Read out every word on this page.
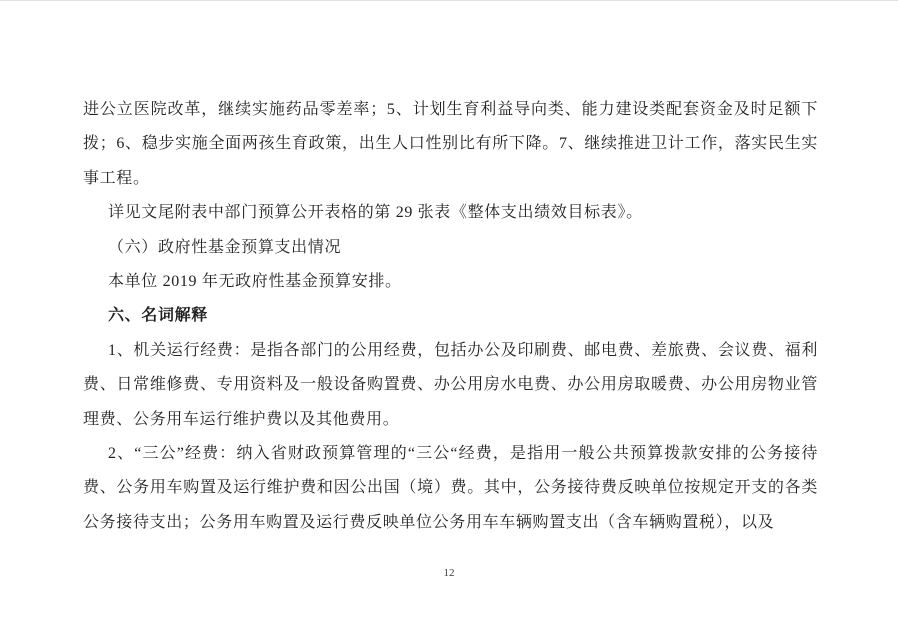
进公立医院改革，继续实施药品零差率；5、计划生育利益导向类、能力建设类配套资金及时足额下拨；6、稳步实施全面两孩生育政策，出生人口性别比有所下降。7、继续推进卫计工作，落实民生实事工程。

详见文尾附表中部门预算公开表格的第 29 张表《整体支出绩效目标表》。

（六）政府性基金预算支出情况

本单位 2019 年无政府性基金预算安排。

六、名词解释

1、机关运行经费：是指各部门的公用经费，包括办公及印刷费、邮电费、差旅费、会议费、福利费、日常维修费、专用资料及一般设备购置费、办公用房水电费、办公用房取暖费、办公用房物业管理费、公务用车运行维护费以及其他费用。

2、“三公”经费：纳入省财政预算管理的“三公“经费，是指用一般公共预算拨款安排的公务接待费、公务用车购置及运行维护费和因公出国（境）费。其中，公务接待费反映单位按规定开支的各类公务接待支出；公务用车购置及运行费反映单位公务用车车辆购置支出（含车辆购置税），以及

12
